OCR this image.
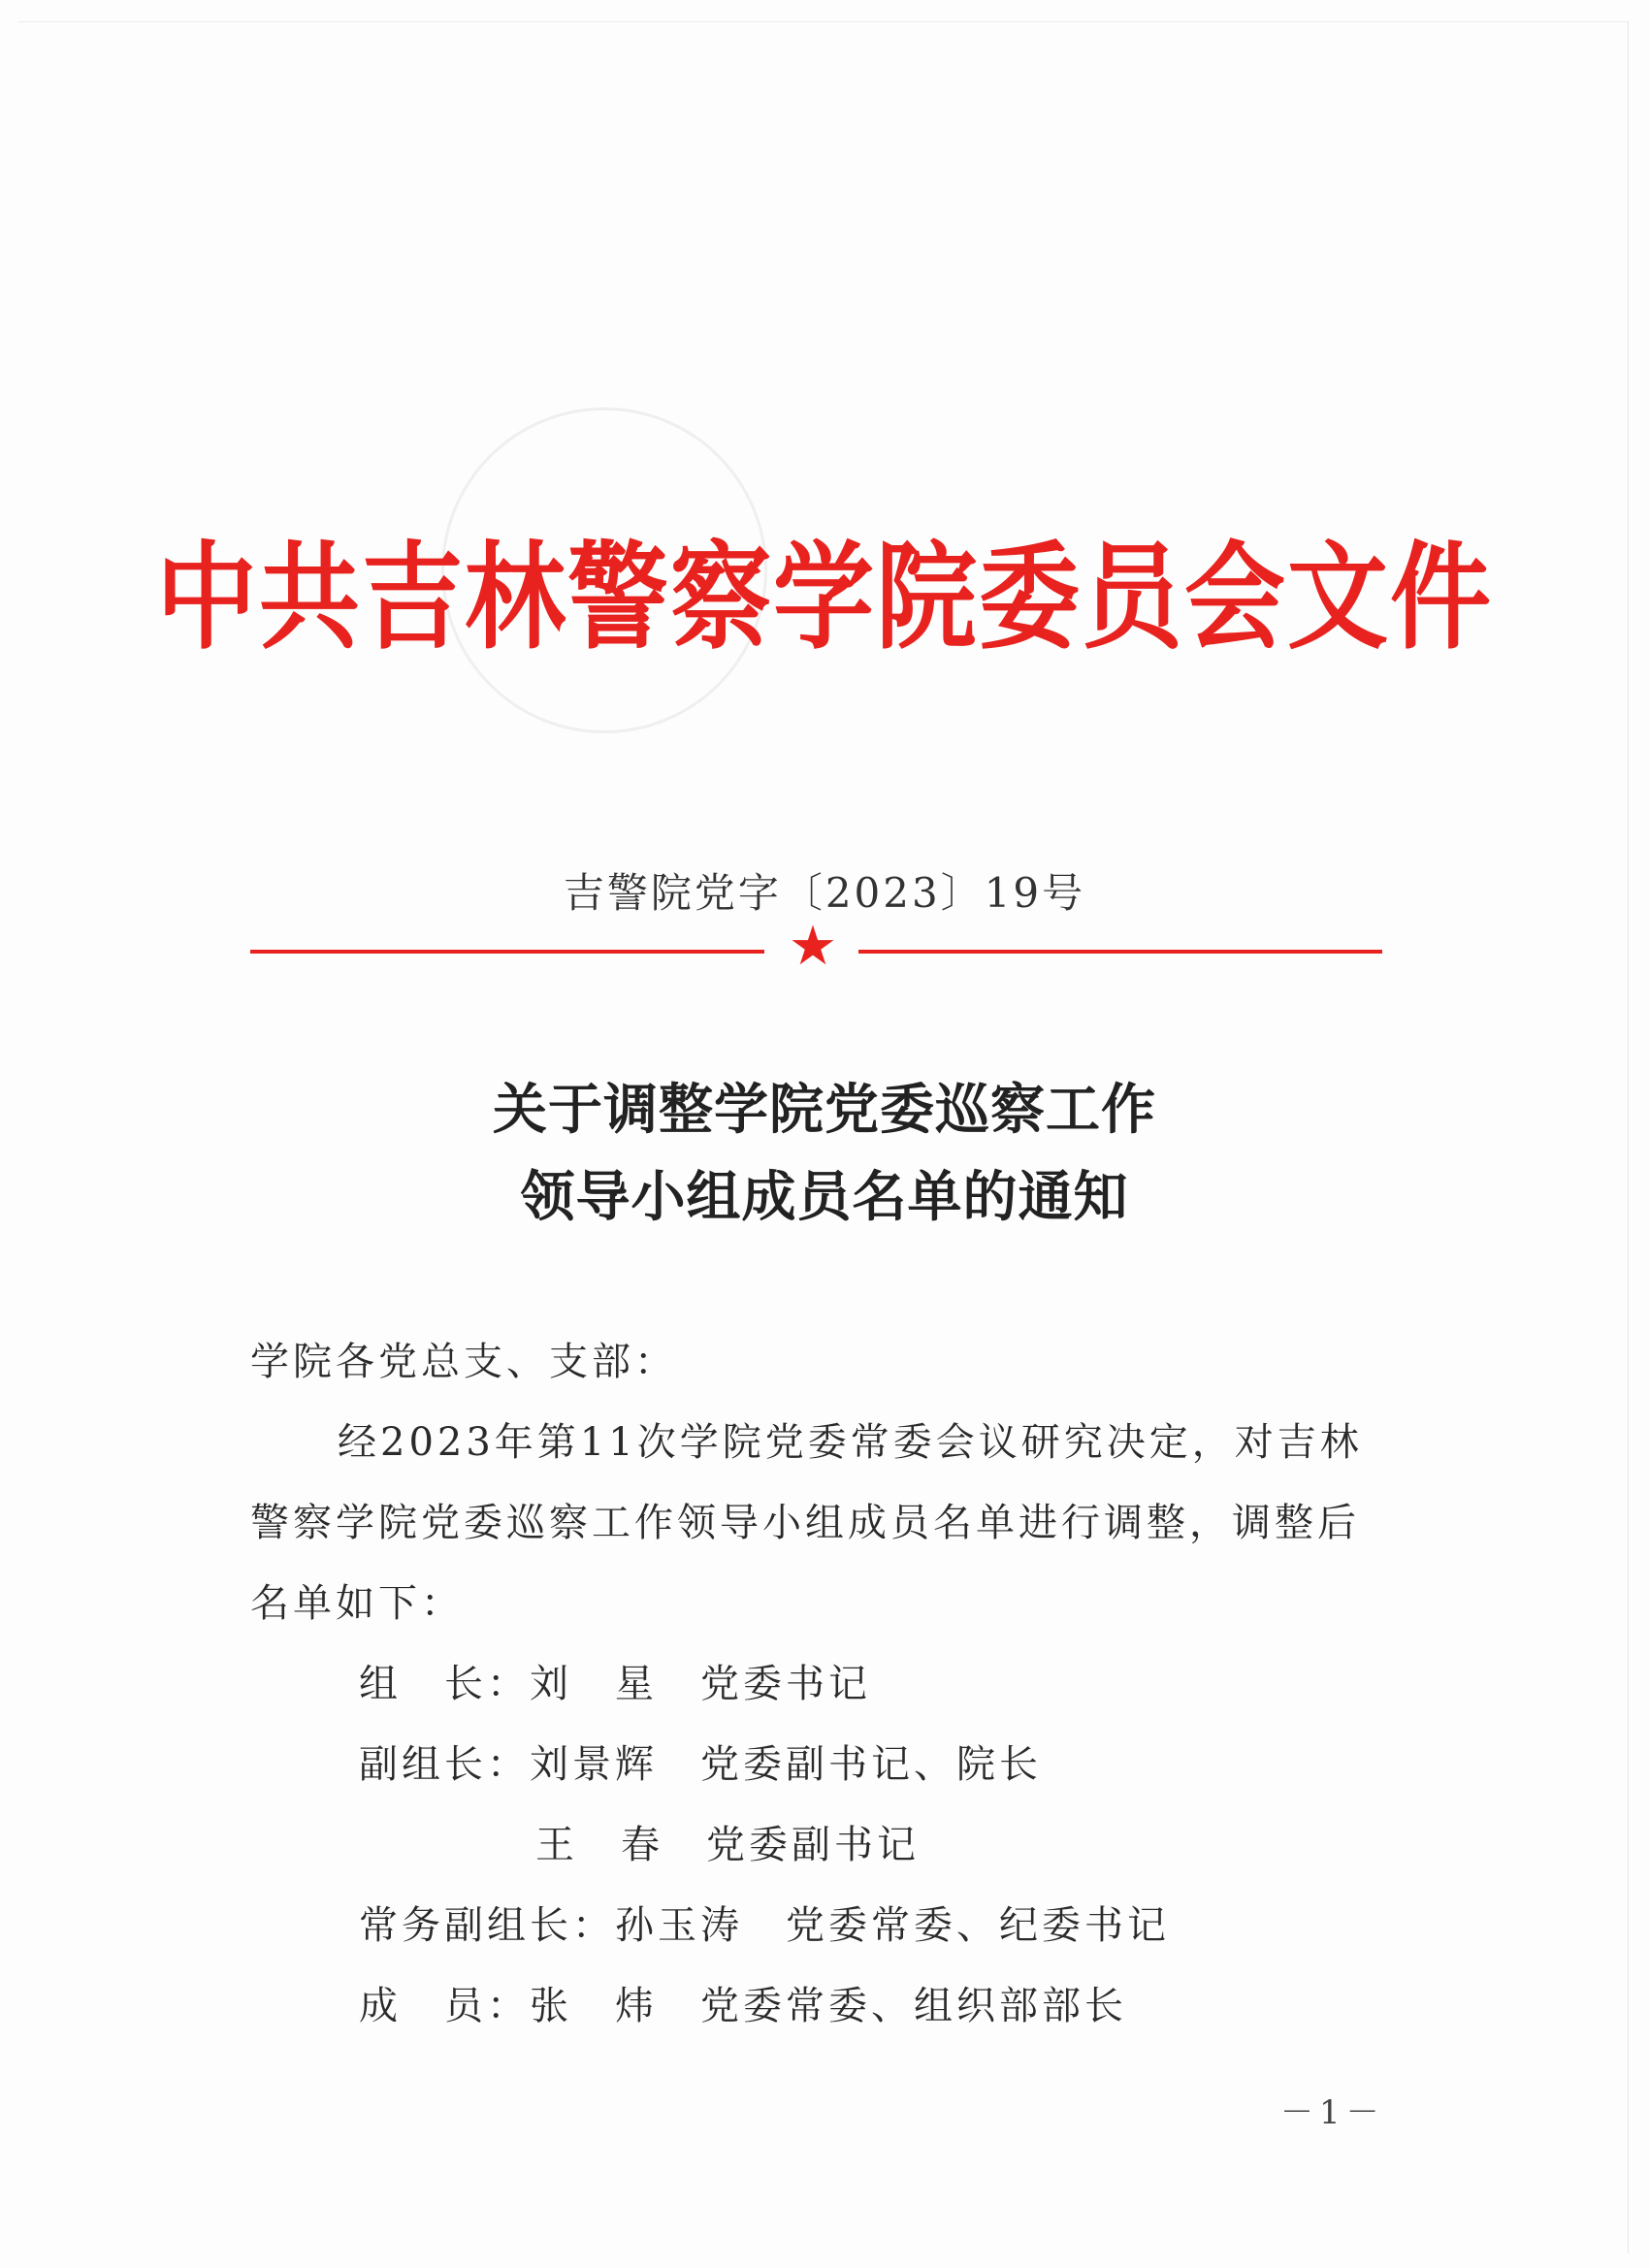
中共吉林警察学院委员会文件
吉警院党字〔2023〕19号
★
关于调整学院党委巡察工作
领导小组成员名单的通知
学院各党总支、支部：
经2023年第11次学院党委常委会议研究决定，对吉林
警察学院党委巡察工作领导小组成员名单进行调整，调整后
名单如下：
组　长：刘　星　党委书记
副组长：刘景辉　党委副书记、院长
王　春　党委副书记
常务副组长：孙玉涛　党委常委、纪委书记
成　员：张　炜　党委常委、组织部部长
－1－
